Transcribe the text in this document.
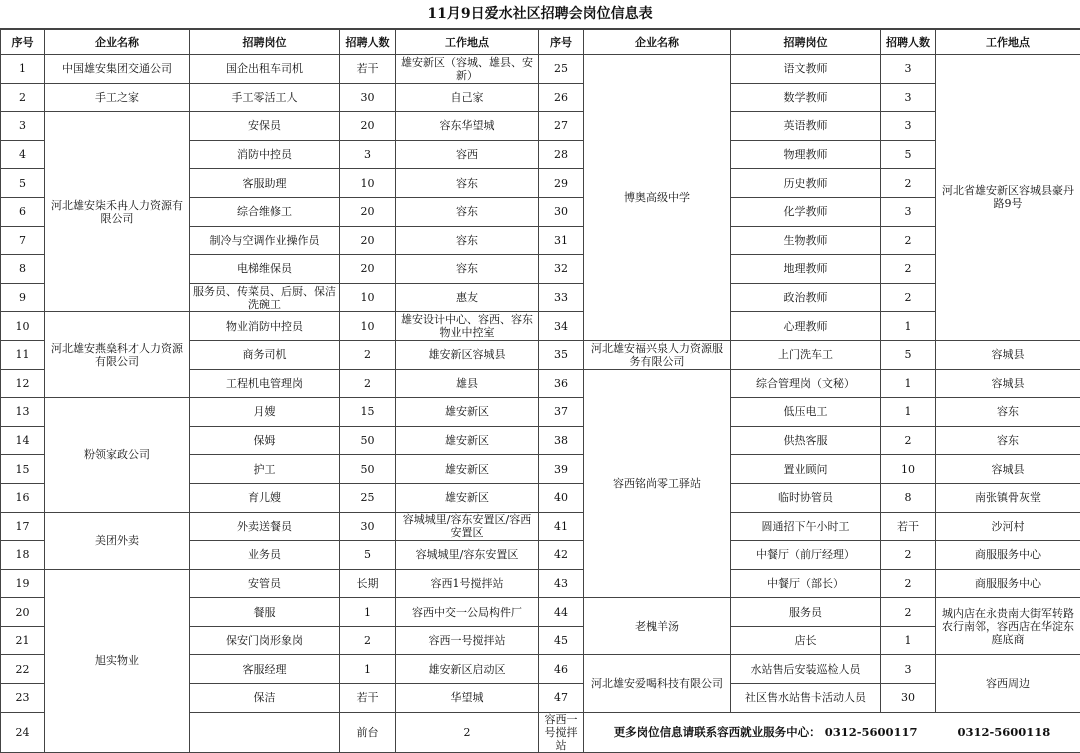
11月9日爱水社区招聘会岗位信息表
序号	企业名称	招聘岗位	招聘人数	工作地点	序号	企业名称	招聘岗位	招聘人数	工作地点
1	中国雄安集团交通公司	国企出租车司机	若干	雄安新区（容城、雄县、安新）	25	博奥高级中学	语文教师	3	河北省雄安新区容城县豪丹路9号
2	手工之家	手工零活工人	30	自己家	26		数学教师	3	
3	河北雄安柒禾冉人力资源有限公司	安保员	20	容东华望城	27		英语教师	3	
4		消防中控员	3	容西	28		物理教师	5	
5		客服助理	10	容东	29		历史教师	2	
6		综合维修工	20	容东	30		化学教师	3	
7		制冷与空调作业操作员	20	容东	31		生物教师	2	
8		电梯维保员	20	容东	32		地理教师	2	
9		服务员、传菜员、后厨、保洁洗碗工	10	惠友	33		政治教师	2	
10	河北雄安燕燊科才人力资源有限公司	物业消防中控员	10	雄安设计中心、容西、容东物业中控室	34		心理教师	1	
11		商务司机	2	雄安新区容城县	35	河北雄安福兴泉人力资源服务有限公司	上门洗车工	5	容城县
12		工程机电管理岗	2	雄县	36	容西铭尚零工驿站	综合管理岗（文秘）	1	容城县
13	粉领家政公司	月嫂	15	雄安新区	37		低压电工	1	容东
14		保姆	50	雄安新区	38		供热客服	2	容东
15		护工	50	雄安新区	39		置业顾问	10	容城县
16		育儿嫂	25	雄安新区	40		临时协管员	8	南张镇骨灰堂
17	美团外卖	外卖送餐员	30	容城城里/容东安置区/容西安置区	41		圆通招下午小时工	若干	沙河村
18		业务员	5	容城城里/容东安置区	42		中餐厅（前厅经理）	2	商服服务中心
19	旭实物业	安管员	长期	容西1号搅拌站	43		中餐厅（部长）	2	商服服务中心
20		餐服	1	容西中交一公局构件厂	44	老槐羊汤	服务员	2	城内店在永贵南大街军转路农行南邻，容西店在华淀东庭底商
21		保安门岗形象岗	2	容西一号搅拌站	45		店长	1	
22		客服经理	1	雄安新区启动区	46	河北雄安爱喝科技有限公司	水站售后安装巡检人员	3	容西周边
23		保洁	若干	华望城	47		社区售水站售卡活动人员	30	
24			前台	2	容西一号搅拌站	更多岗位信息请联系容西就业服务中心： 0312-5600117          0312-5600118			
